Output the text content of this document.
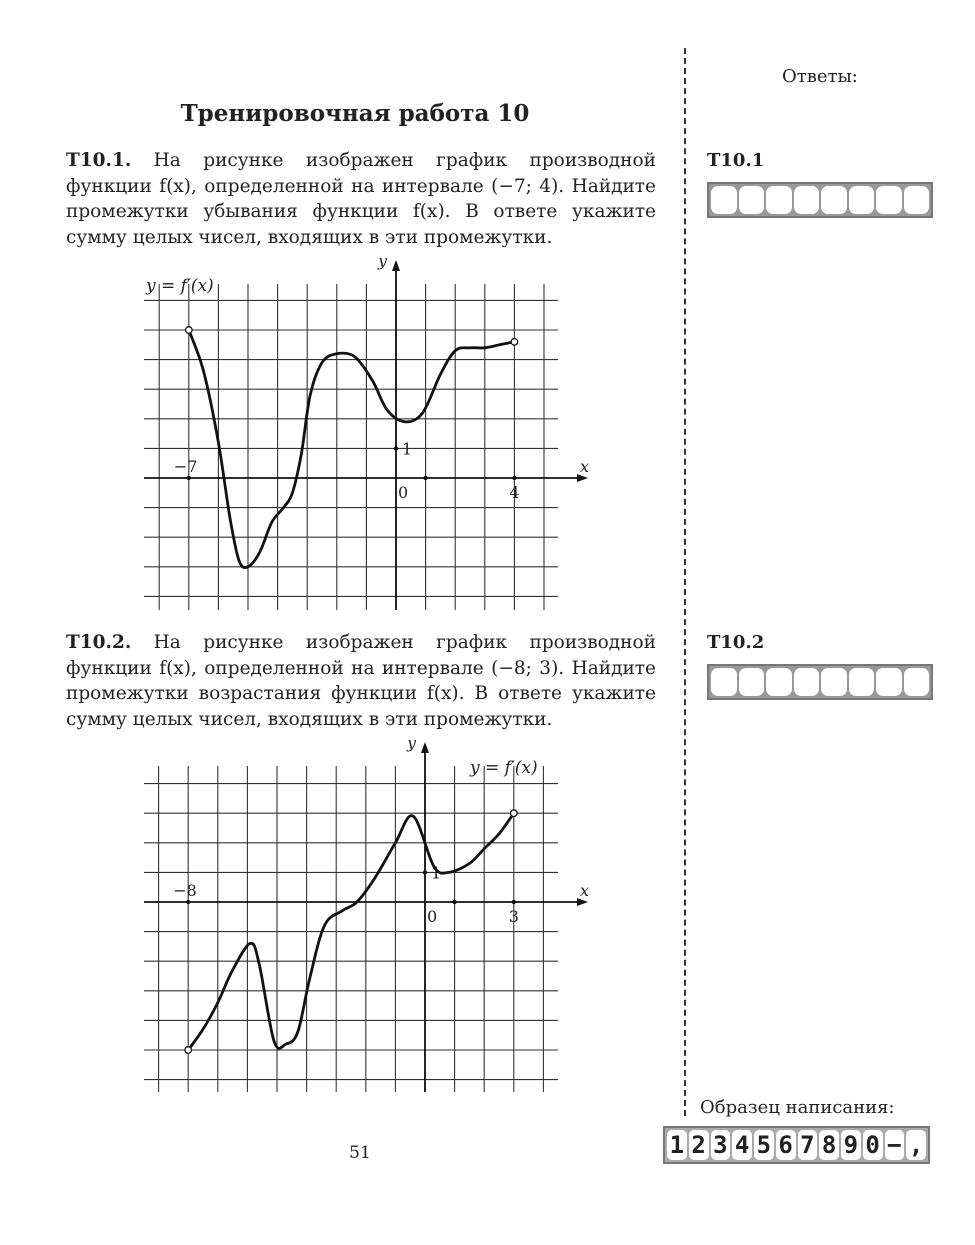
Тренировочная работа 10
T10.1. На рисунке изображен график производной функции f(x), определенной на интервале (−7; 4). Найдите промежутки убывания функции f(x). В ответе укажите сумму целых чисел, входящих в эти промежутки.
x
y
0
1
−7
4
y = f′(x)
T10.2. На рисунке изображен график производной функции f(x), определенной на интервале (−8; 3). Найдите промежутки возрастания функции f(x). В ответе укажите сумму целых чисел, входящих в эти промежутки.
x
y
0
1
−8
3
y = f′(x)
Ответы:
T10.1
T10.2
Образец написания:
1 2 3 4 5 6 7 8 9 0 − ,
51
